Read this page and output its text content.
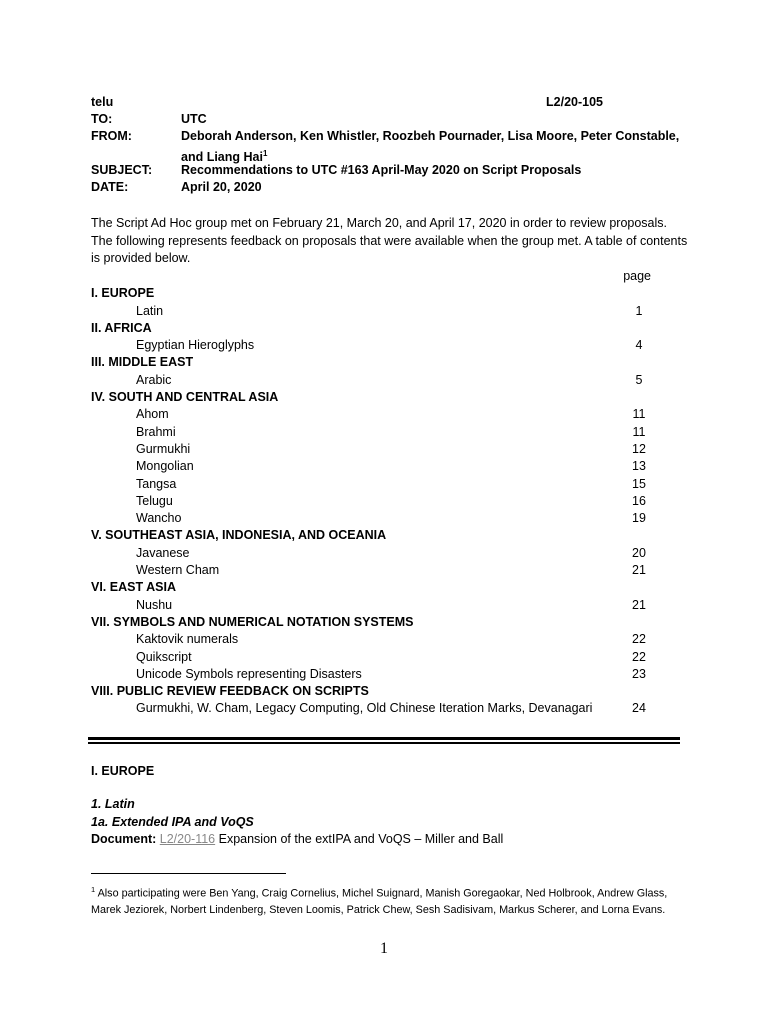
telu	L2/20-105
TO:	UTC
FROM:	Deborah Anderson, Ken Whistler, Roozbeh Pournader, Lisa Moore, Peter Constable,
and Liang Hai$^1$
SUBJECT: Recommendations to UTC #163 April-May 2020 on Script Proposals
DATE:	April 20, 2020
The Script Ad Hoc group met on February 21, March 20, and April 17, 2020 in order to review proposals. The following represents feedback on proposals that were available when the group met. A table of contents is provided below.
page
I. EUROPE
Latin	1
II. AFRICA
Egyptian Hieroglyphs	4
III. MIDDLE EAST
Arabic	5
IV. SOUTH AND CENTRAL ASIA
Ahom	11
Brahmi	11
Gurmukhi	12
Mongolian	13
Tangsa	15
Telugu	16
Wancho	19
V. SOUTHEAST ASIA, INDONESIA, AND OCEANIA
Javanese	20
Western Cham	21
VI. EAST ASIA
Nushu	21
VII. SYMBOLS AND NUMERICAL NOTATION SYSTEMS
Kaktovik numerals	22
Quikscript	22
Unicode Symbols representing Disasters	23
VIII. PUBLIC REVIEW FEEDBACK ON SCRIPTS
Gurmukhi, W. Cham, Legacy Computing, Old Chinese Iteration Marks, Devanagari	24
I. EUROPE
1. Latin
1a. Extended IPA and VoQS
Document: L2/20-116 Expansion of the extIPA and VoQS – Miller and Ball
$^1$ Also participating were Ben Yang, Craig Cornelius, Michel Suignard, Manish Goregaokar, Ned Holbrook, Andrew Glass, Marek Jeziorek, Norbert Lindenberg, Steven Loomis, Patrick Chew, Sesh Sadisivam, Markus Scherer, and Lorna Evans.
1
